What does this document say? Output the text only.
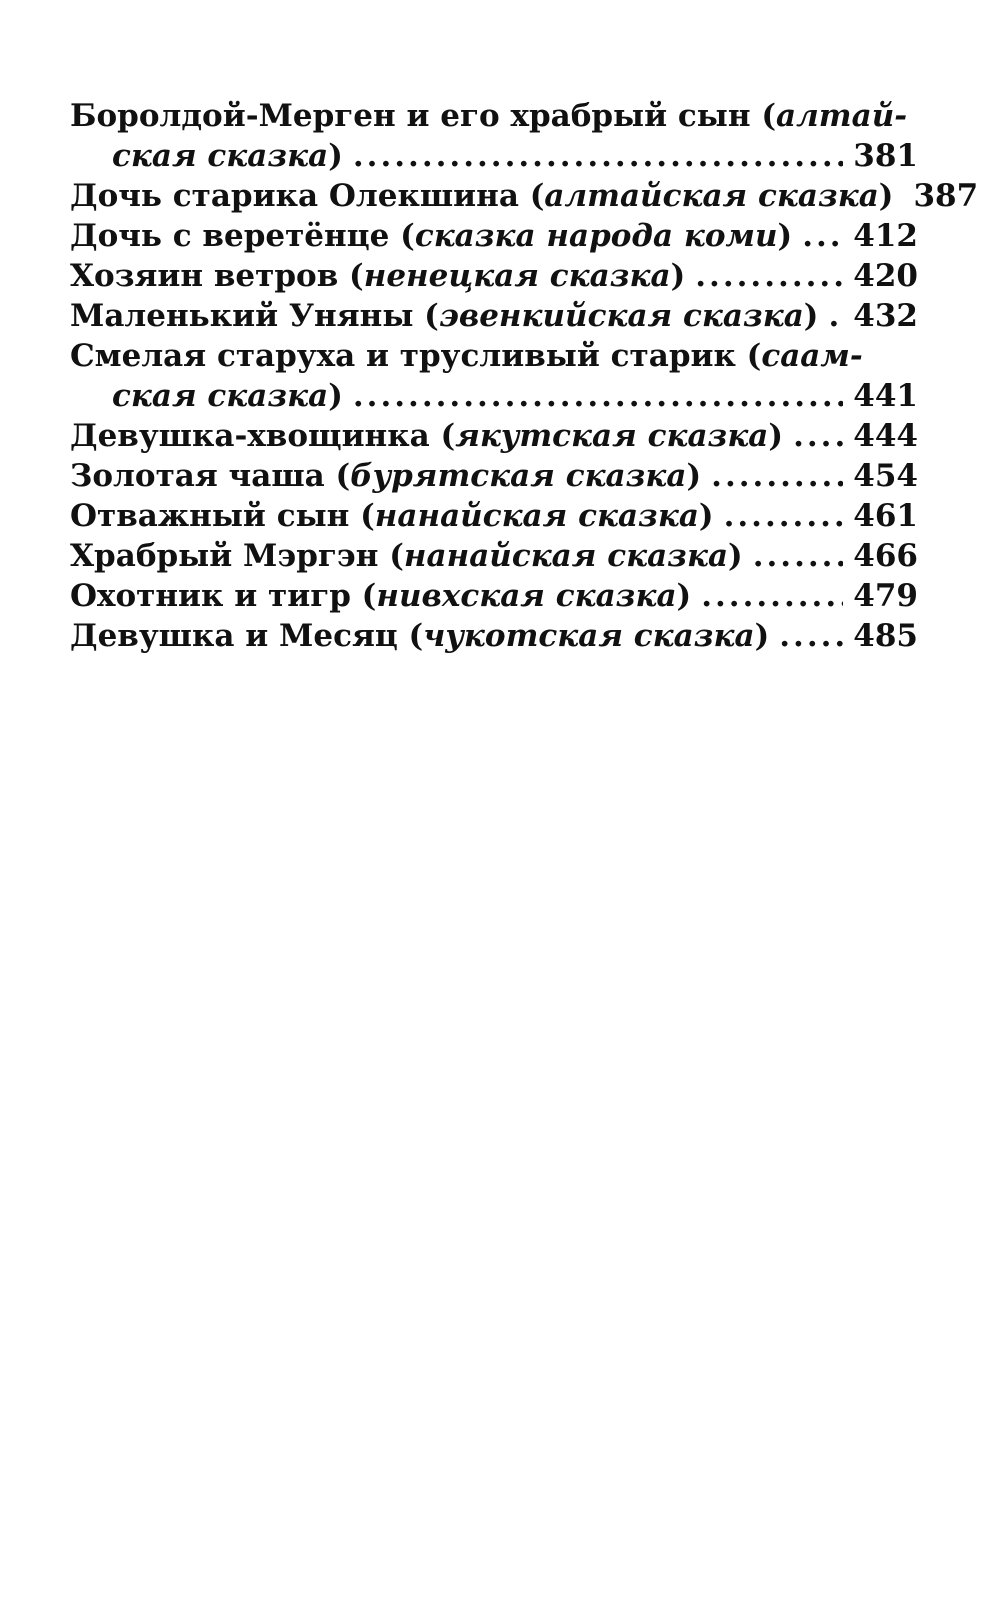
Боролдой-Мерген и его храбрый сын (алтай-
ская сказка) .....	381
Дочь старика Олекшина (алтайская сказка) 387
Дочь с веретёнце (сказка народа коми) ..... 412
Хозяин ветров (ненецкая сказка) .....	420
Маленький Уняны (эвенкийская сказка) ..... 432
Смелая старуха и трусливый старик (саам-
ская сказка) .....	441
Девушка-хвощинка (якутская сказка) ..... 444
Золотая чаша (бурятская сказка) .....	454
Отважный сын (нанайская сказка) .....	461
Храбрый Мэргэн (нанайская сказка) .....	466
Охотник и тигр (нивхская сказка) .....	479
Девушка и Месяц (чукотская сказка) .....	485
